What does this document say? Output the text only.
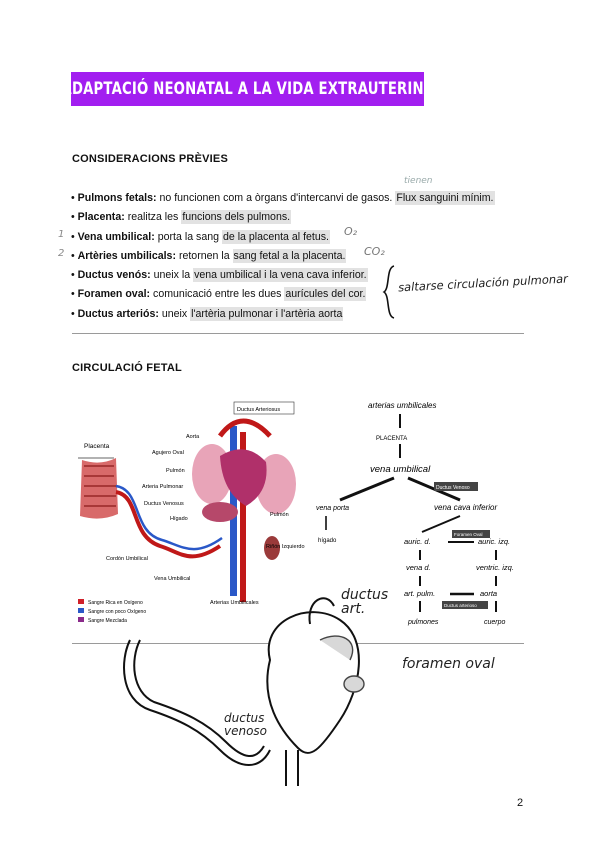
ADAPTACIÓ NEONATAL A LA VIDA EXTRAUTERINA
CONSIDERACIONS PRÈVIES
• Pulmons fetals: no funcionen com a òrgans d'intercanvi de gasos. Flux sanguini mínim.
• Placenta: realitza les funcions dels pulmons.
• Vena umbilical: porta la sang de la placenta al fetus.
• Artèries umbilicals: retornen la sang fetal a la placenta.
• Ductus venós: uneix la vena umbilical i la vena cava inferior.
• Foramen oval: comunicació entre les dues aurícules del cor.
• Ductus arteriós: uneix l'artèria pulmonar i l'artèria aorta
tienen
O₂
CO₂
1
2
saltarse circulación pulmonar
CIRCULACIÓ FETAL
Placenta
Ductus Arteriosus
Aorta
Agujero Oval
Pulmón
Arteria Pulmonar
Ductus Venosus
Hígado
Pulmón
Riñón Izquierdo
Cordón Umbilical
Vena Umbilical
Arterias Umbilicales
Sangre Rica en Oxígeno
Sangre con poco Oxígeno
Sangre Mezclada
arterias umbilicales
PLACENTA
vena umbilical
Ductus Venoso
vena porta	vena cava inferior
hígado
Foramen Oval
auric. d.	auric. izq.
vena d.	ventric. izq.
art. pulm.	aorta
Ductus arterioso
pulmones	cuerpo
ductus art.
foramen oval
ductus venoso
2
